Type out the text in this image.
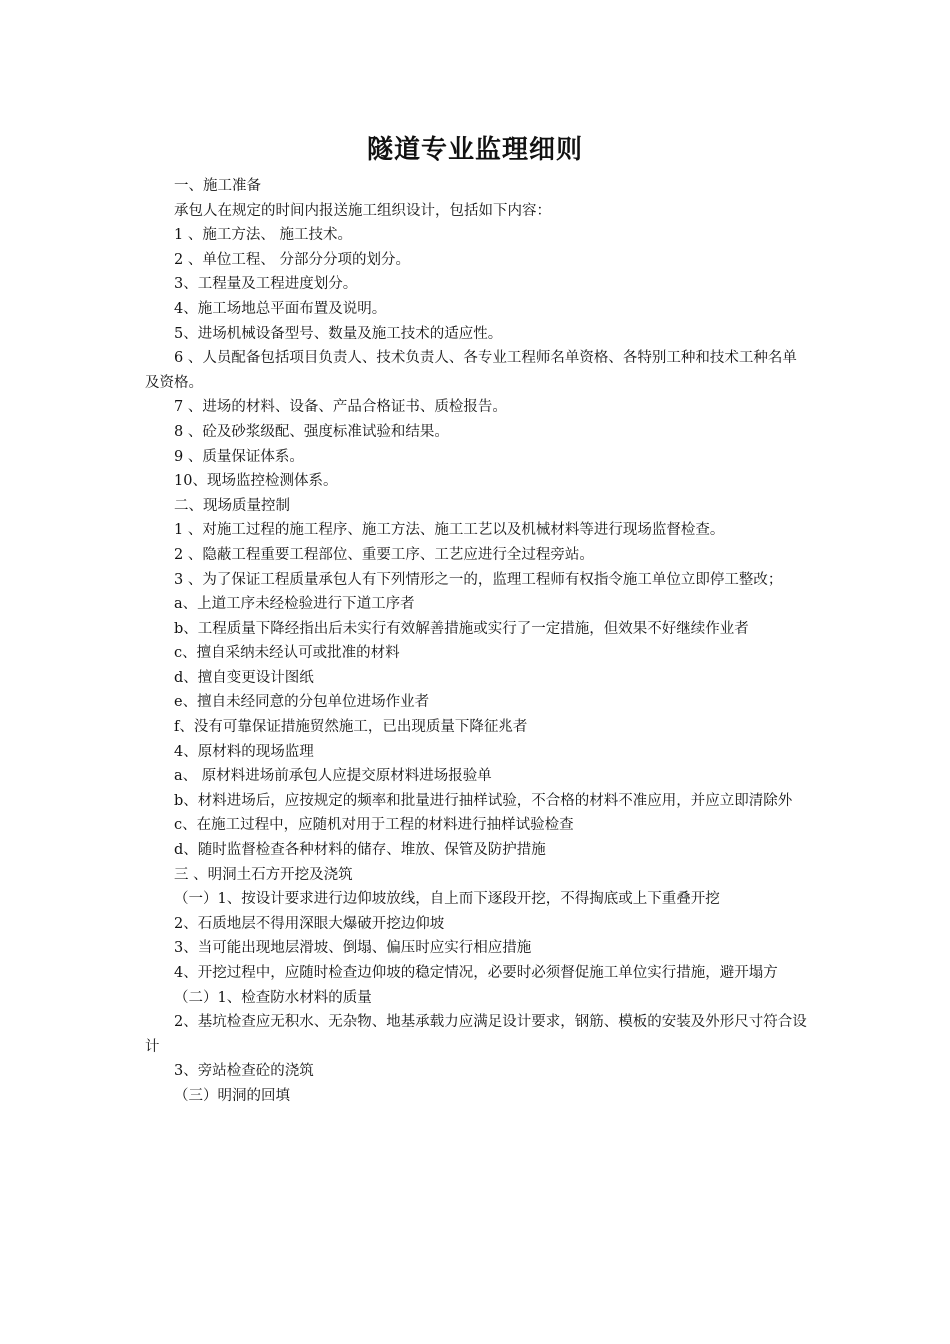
隧道专业监理细则

一、施工准备

承包人在规定的时间内报送施工组织设计，包括如下内容：

1 、施工方法、 施工技术。

2 、单位工程、 分部分分项的划分。

3、工程量及工程进度划分。

4、施工场地总平面布置及说明。

5、进场机械设备型号、数量及施工技术的适应性。

6 、人员配备包括项目负责人、技术负责人、各专业工程师名单资格、各特别工种和技术工种名单及资格。

7 、进场的材料、设备、产品合格证书、质检报告。

8 、砼及砂浆级配、强度标准试验和结果。

9 、质量保证体系。

10、现场监控检测体系。

二、现场质量控制

1 、对施工过程的施工程序、施工方法、施工工艺以及机械材料等进行现场监督检查。

2 、隐蔽工程重要工程部位、重要工序、工艺应进行全过程旁站。

3 、为了保证工程质量承包人有下列情形之一的，监理工程师有权指令施工单位立即停工整改；

a、上道工序未经检验进行下道工序者

b、工程质量下降经指出后未实行有效解善措施或实行了一定措施，但效果不好继续作业者

c、擅自采纳未经认可或批准的材料

d、擅自变更设计图纸

e、擅自未经同意的分包单位进场作业者

f、没有可靠保证措施贸然施工，已出现质量下降征兆者

4、原材料的现场监理

a、 原材料进场前承包人应提交原材料进场报验单

b、材料进场后，应按规定的频率和批量进行抽样试验，不合格的材料不准应用，并应立即清除外

c、在施工过程中，应随机对用于工程的材料进行抽样试验检查

d、随时监督检查各种材料的储存、堆放、保管及防护措施

三 、明洞土石方开挖及浇筑

（一）1、按设计要求进行边仰坡放线，自上而下逐段开挖，不得掏底或上下重叠开挖

2、石质地层不得用深眼大爆破开挖边仰坡

3、当可能出现地层滑坡、倒塌、偏压时应实行相应措施

4、开挖过程中，应随时检查边仰坡的稳定情况，必要时必须督促施工单位实行措施，避开塌方

（二）1、检查防水材料的质量

2、基坑检查应无积水、无杂物、地基承载力应满足设计要求，钢筋、模板的安装及外形尺寸符合设计

3、旁站检查砼的浇筑

（三）明洞的回填
